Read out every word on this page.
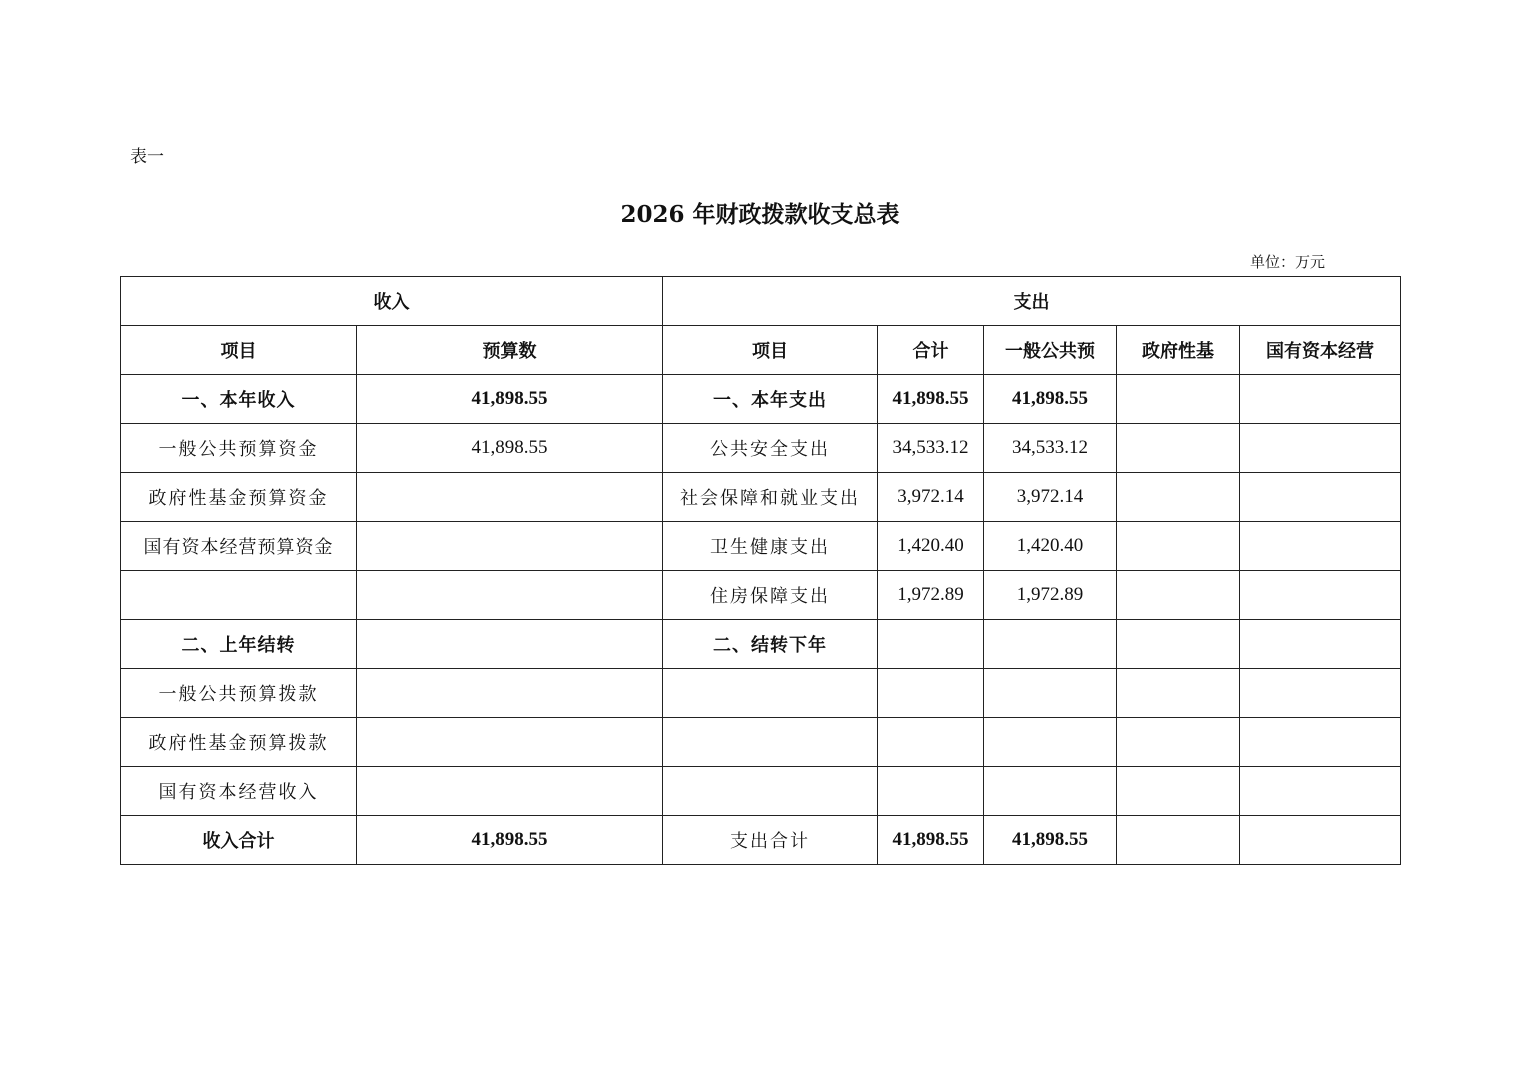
表一
2026 年财政拨款收支总表
单位：万元
收入		支出				
项目	预算数	项目	合计	一般公共预	政府性基	国有资本经营
一、本年收入	41,898.55	一、本年支出	41,898.55	41,898.55		
一般公共预算资金	41,898.55	公共安全支出	34,533.12	34,533.12		
政府性基金预算资金		社会保障和就业支出	3,972.14	3,972.14		
国有资本经营预算资金		卫生健康支出	1,420.40	1,420.40		
		住房保障支出	1,972.89	1,972.89		
二、上年结转		二、结转下年				
一般公共预算拨款						
政府性基金预算拨款						
国有资本经营收入						
收入合计	41,898.55	支出合计	41,898.55	41,898.55		
